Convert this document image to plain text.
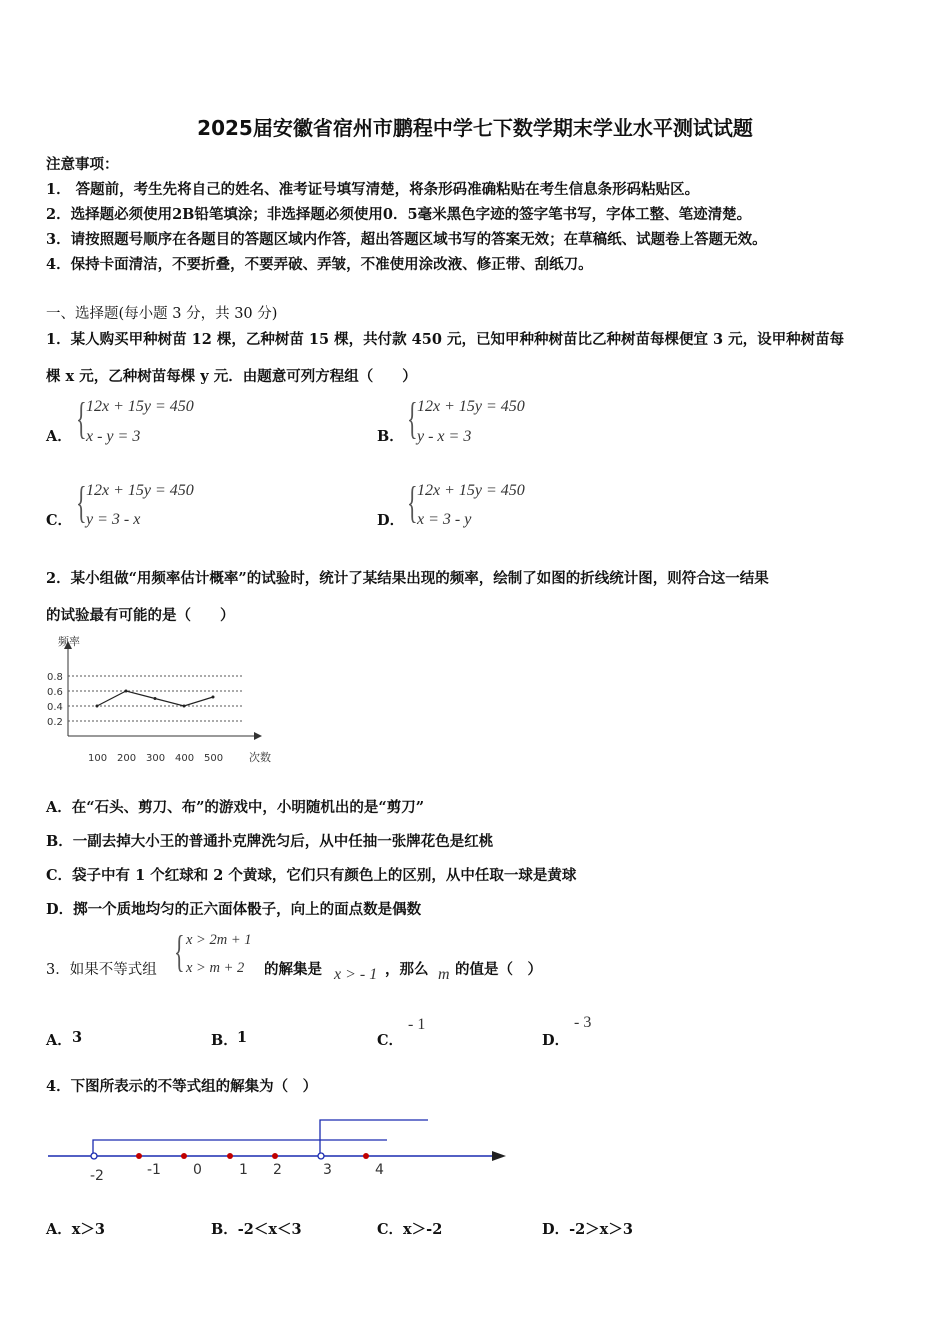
2025届安徽省宿州市鹏程中学七下数学期末学业水平测试试题
注意事项：
1． 答题前，考生先将自己的姓名、准考证号填写清楚，将条形码准确粘贴在考生信息条形码粘贴区。
2．选择题必须使用2B铅笔填涂；非选择题必须使用0．5毫米黑色字迹的签字笔书写，字体工整、笔迹清楚。
3．请按照题号顺序在各题目的答题区域内作答，超出答题区域书写的答案无效；在草稿纸、试题卷上答题无效。
4．保持卡面清洁，不要折叠，不要弄破、弄皱，不准使用涂改液、修正带、刮纸刀。
一、选择题(每小题 3 分，共 30 分)
1．某人购买甲种树苗 12 棵，乙种树苗 15 棵，共付款 450 元，已知甲种种树苗比乙种树苗每棵便宜 3 元，设甲种树苗每
棵 x 元，乙种树苗每棵 y 元．由题意可列方程组（　　）
A． { 12x + 15y = 450
x - y = 3	B． { 12x + 15y = 450
y - x = 3
C． { 12x + 15y = 450
y = 3 - x	D． { 12x + 15y = 450
x = 3 - y
2．某小组做“用频率估计概率”的试验时，统计了某结果出现的频率，绘制了如图的折线统计图，则符合这一结果
的试验最有可能的是（　　）
0.8
0.6
0.4
0.2
100 200 300 400 500
频率
次数
A．在“石头、剪刀、布”的游戏中，小明随机出的是“剪刀”
B．一副去掉大小王的普通扑克牌洗匀后，从中任抽一张牌花色是红桃
C．袋子中有 1 个红球和 2 个黄球，它们只有颜色上的区别，从中任取一球是黄球
D．掷一个质地均匀的正六面体骰子，向上的面点数是偶数
3．如果不等式组 { x > 2m + 1
x > m + 2 的解集是 x > - 1 ，那么 m 的值是（　）
A． 3	B． 1	C．
- 1
D．
- 3
4．下图所表示的不等式组的解集为（　）
-2	-1 0	1 2	3	4
A．x＞3	B．-2＜x＜3	C．x＞-2	D．-2＞x＞3
